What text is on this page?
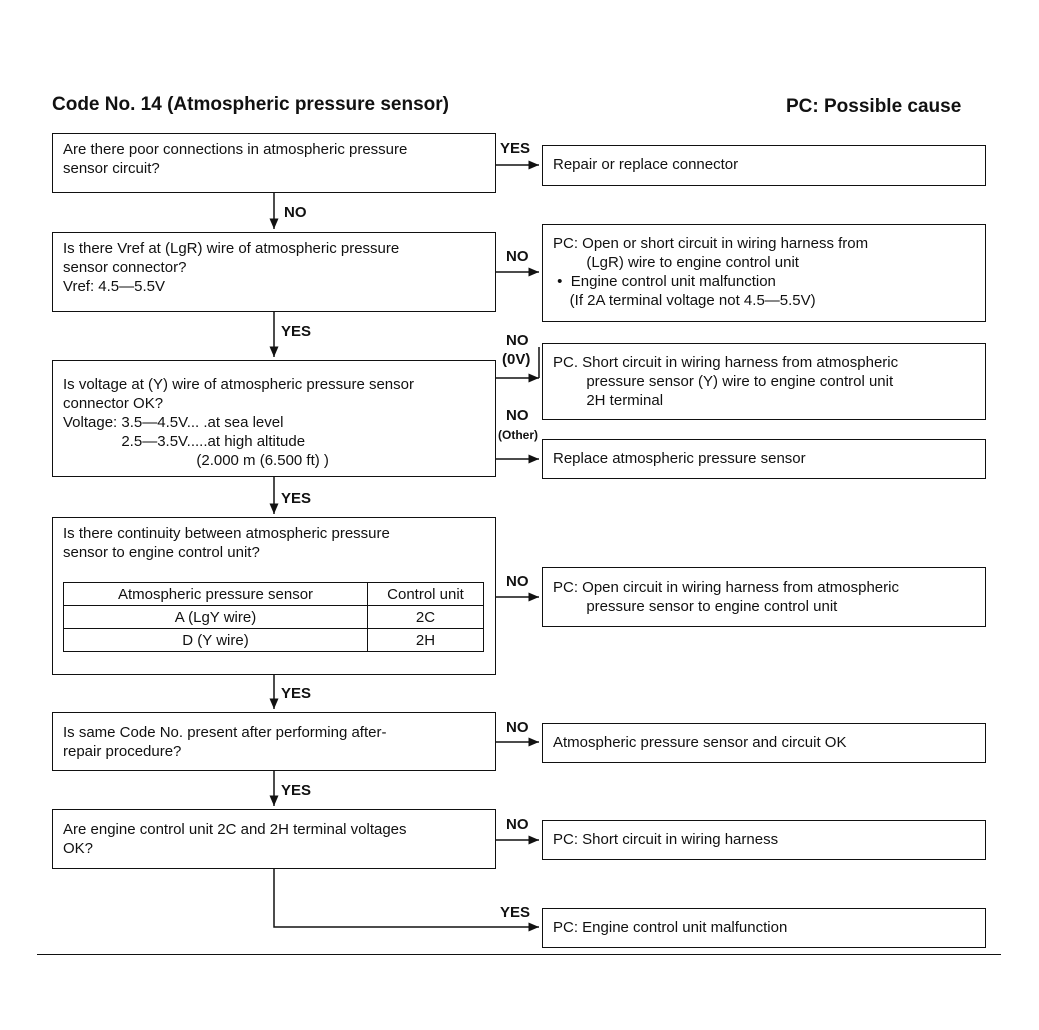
Code No. 14 (Atmospheric pressure sensor)	PC: Possible cause
Are there poor connections in atmospheric pressure
sensor circuit?
Is there Vref at (LgR) wire of atmospheric pressure
sensor connector?
Vref: 4.5—5.5V
Is voltage at (Y) wire of atmospheric pressure sensor
connector OK?
Voltage: 3.5—4.5V... .at sea level
2.5—3.5V.....at high altitude
(2.000 m (6.500 ft) )
Is there continuity between atmospheric pressure
sensor to engine control unit?
Atmospheric pressure sensor	Control unit
A (LgY wire)	2C
D (Y wire)	2H
Is same Code No. present after performing after-
repair procedure?
Are engine control unit 2C and 2H terminal voltages
OK?
Repair or replace connector
PC: Open or short circuit in wiring harness from
(LgR) wire to engine control unit
•  Engine control unit malfunction
(If 2A terminal voltage not 4.5—5.5V)
PC. Short circuit in wiring harness from atmospheric
pressure sensor (Y) wire to engine control unit
2H terminal
Replace atmospheric pressure sensor
PC: Open circuit in wiring harness from atmospheric
pressure sensor to engine control unit
Atmospheric pressure sensor and circuit OK
PC: Short circuit in wiring harness
PC: Engine control unit malfunction
YES
NO
NO
YES
NO
(0V)
NO
(Other)
YES
NO
YES
NO
YES
NO
YES
